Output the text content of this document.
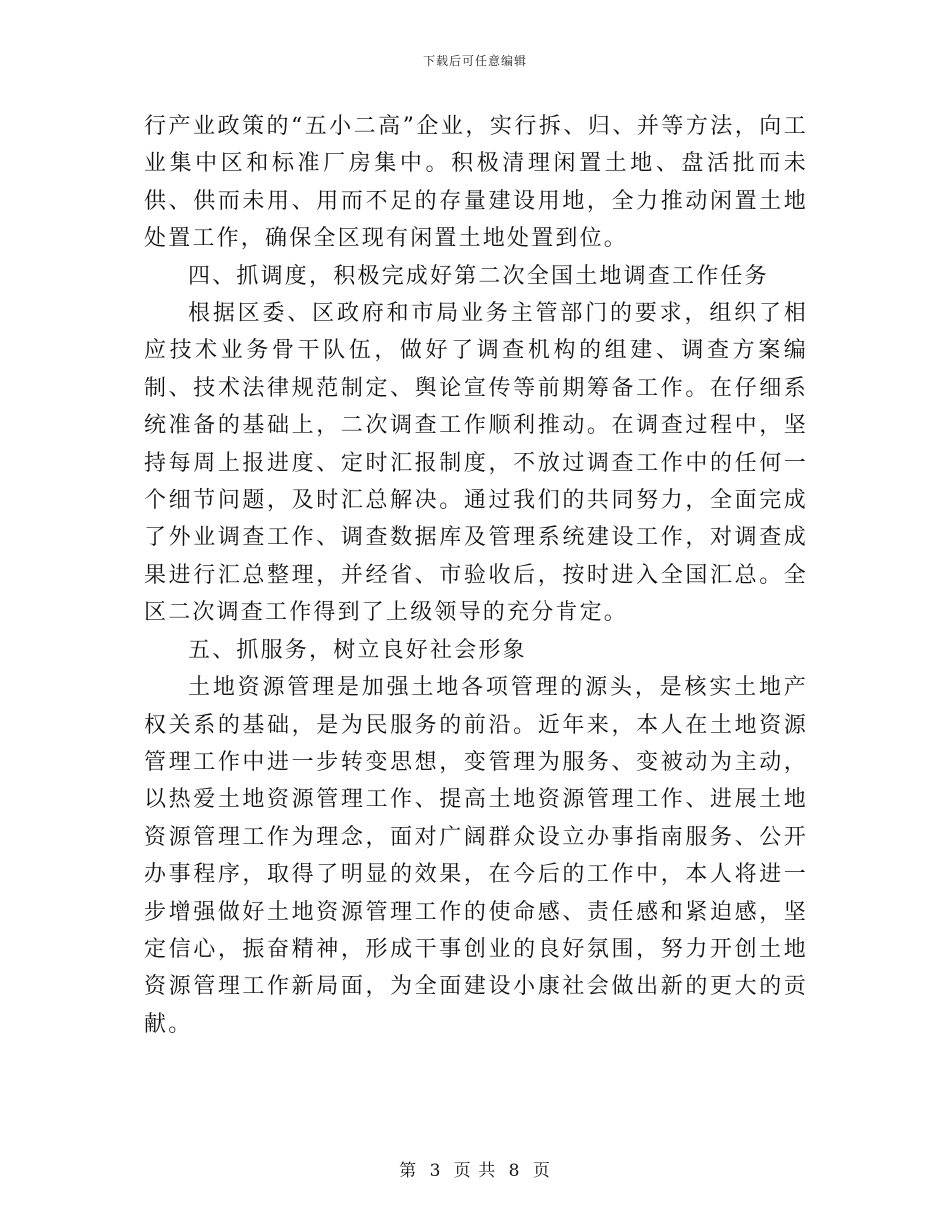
下载后可任意编辑

行产业政策的“五小二高”企业，实行拆、归、并等方法，向工业集中区和标准厂房集中。积极清理闲置土地、盘活批而未供、供而未用、用而不足的存量建设用地，全力推动闲置土地处置工作，确保全区现有闲置土地处置到位。

四、抓调度，积极完成好第二次全国土地调查工作任务

根据区委、区政府和市局业务主管部门的要求，组织了相应技术业务骨干队伍，做好了调查机构的组建、调查方案编制、技术法律规范制定、舆论宣传等前期筹备工作。在仔细系统准备的基础上，二次调查工作顺利推动。在调查过程中，坚持每周上报进度、定时汇报制度，不放过调查工作中的任何一个细节问题，及时汇总解决。通过我们的共同努力，全面完成了外业调查工作、调查数据库及管理系统建设工作，对调查成果进行汇总整理，并经省、市验收后，按时进入全国汇总。全区二次调查工作得到了上级领导的充分肯定。

五、抓服务，树立良好社会形象

土地资源管理是加强土地各项管理的源头，是核实土地产权关系的基础，是为民服务的前沿。近年来，本人在土地资源管理工作中进一步转变思想，变管理为服务、变被动为主动，以热爱土地资源管理工作、提高土地资源管理工作、进展土地资源管理工作为理念，面对广阔群众设立办事指南服务、公开办事程序，取得了明显的效果，在今后的工作中，本人将进一步增强做好土地资源管理工作的使命感、责任感和紧迫感，坚定信心，振奋精神，形成干事创业的良好氛围，努力开创土地资源管理工作新局面，为全面建设小康社会做出新的更大的贡献。

第 3 页 共 8 页
